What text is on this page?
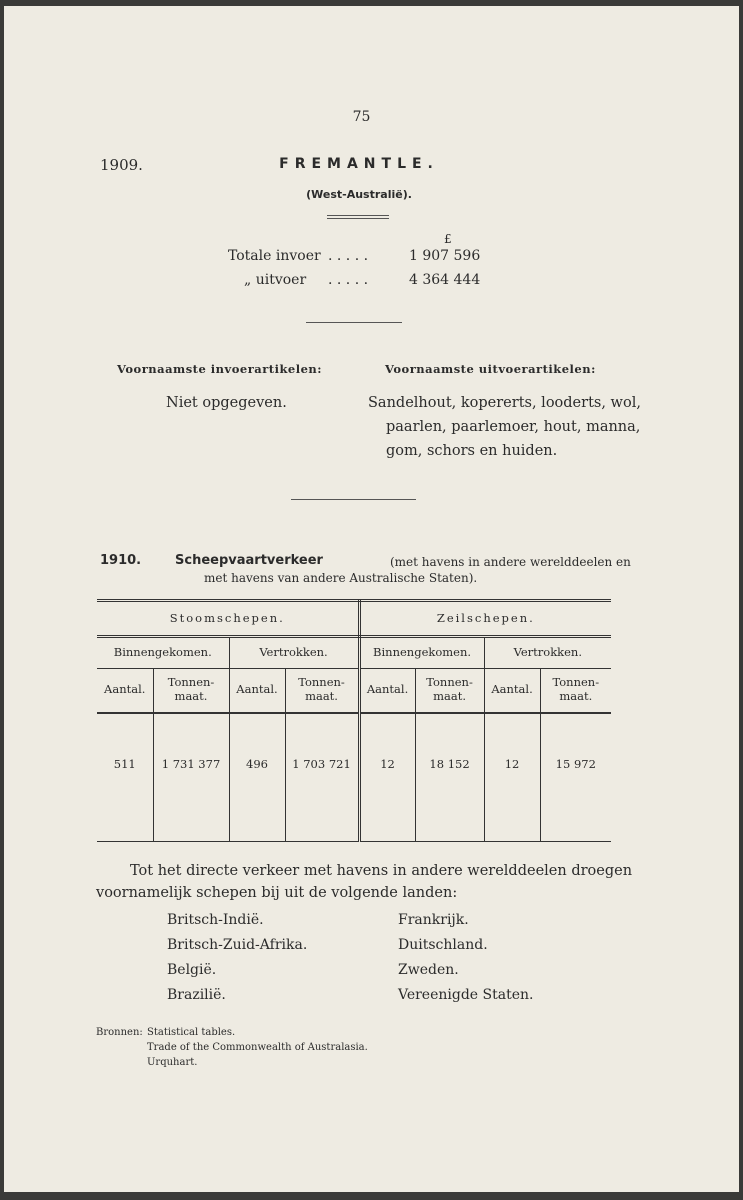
75
1909.	FREMANTLE.
(West-Australië).
£
Totale invoer . . . . .	1 907 596
„ uitvoer . . . . .	4 364 444
Voornaamste invoerartikelen:	Voornaamste uitvoerartikelen:
Niet opgegeven.	Sandelhout, kopererts, looderts, wol,
paarlen, paarlemoer, hout, manna,
gom, schors en huiden.
1910.	Scheepvaartverkeer	(met havens in andere werelddeelen en
met havens van andere Australische Staten).
Stoomschepen.				Zeilschepen.			
Binnengekomen.		Vertrokken.		Binnengekomen.		Vertrokken.	
Aantal.	Tonnen-maat.	Aantal.	Tonnen-maat.	Aantal.	Tonnen-maat.	Aantal.	Tonnen-maat.
511	1 731 377	496	1 703 721	12	18 152	12	15 972
Tot het directe verkeer met havens in andere werelddeelen droegen
voornamelijk schepen bij uit de volgende landen:
Britsch-Indië.
Britsch-Zuid-Afrika.
België.
Brazilië.
Frankrijk.
Duitschland.
Zweden.
Vereenigde Staten.
Bronnen: Statistical tables.
Trade of the Commonwealth of Australasia.
Urquhart.
